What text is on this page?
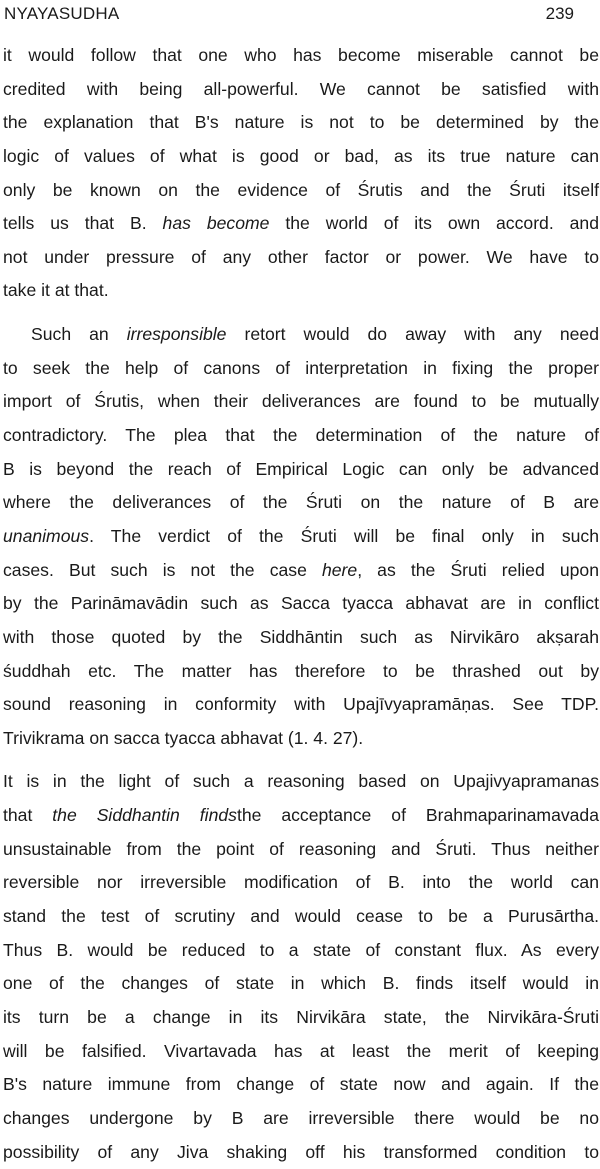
NYAYASUDHA	239
it would follow that one who has become miserable cannot be
credited with being all-powerful. We cannot be satisfied with
the explanation that B's nature is not to be determined by the
logic of values of what is good or bad, as its true nature can
only be known on the evidence of Śrutis and the Śruti itself
tells us that B. has become the world of its own accord. and
not under pressure of any other factor or power. We have to
take it at that.
Such an irresponsible retort would do away with any need
to seek the help of canons of interpretation in fixing the proper
import of Śrutis, when their deliverances are found to be mutually
contradictory. The plea that the determination of the nature of
B is beyond the reach of Empirical Logic can only be advanced
where the deliverances of the Śruti on the nature of B are
unanimous. The verdict of the Śruti will be final only in such
cases. But such is not the case here, as the Śruti relied upon
by the Parināmavādin such as Sacca tyacca abhavat are in conflict
with those quoted by the Siddhāntin such as Nirvikāro akṣarah
śuddhah etc. The matter has therefore to be thrashed out by
sound reasoning in conformity with Upajīvyapramāṇas. See TDP.
Trivikrama on sacca tyacca abhavat (1. 4. 27).
It is in the light of such a reasoning based on Upajivyapramanas
that the Siddhantin findsthe acceptance of Brahmaparinamavada
unsustainable from the point of reasoning and Śruti. Thus neither
reversible nor irreversible modification of B. into the world can
stand the test of scrutiny and would cease to be a Purusārtha.
Thus B. would be reduced to a state of constant flux. As every
one of the changes of state in which B. finds itself would in
its turn be a change in its Nirvikāra state, the Nirvikāra-Śruti
will be falsified. Vivartavada has at least the merit of keeping
B's nature immune from change of state now and again. If the
changes undergone by B are irreversible there would be no
possibility of any Jiva shaking off his transformed condition to
